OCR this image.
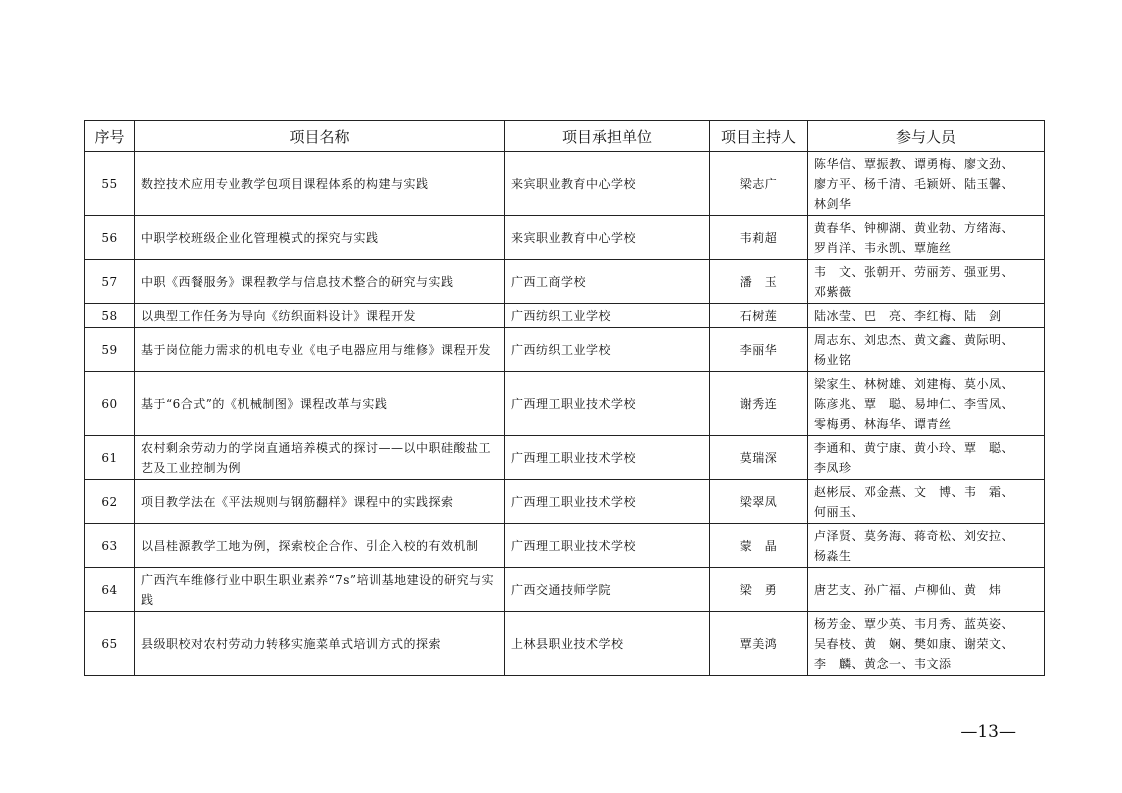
序号	项目名称	项目承担单位	项目主持人	参与人员
55	数控技术应用专业教学包项目课程体系的构建与实践	来宾职业教育中心学校	梁志广	陈华信、覃振教、谭勇梅、廖文劲、
廖方平、杨千清、毛颖妍、陆玉馨、
林剑华
56	中职学校班级企业化管理模式的探究与实践	来宾职业教育中心学校	韦莉超	黄春华、钟柳湖、黄业勃、方绪海、
罗肖洋、韦永凯、覃施丝
57	中职《西餐服务》课程教学与信息技术整合的研究与实践	广西工商学校	潘　玉	韦　文、张朝开、劳丽芳、强亚男、
邓紫薇
58	以典型工作任务为导向《纺织面料设计》课程开发	广西纺织工业学校	石树莲	陆冰莹、巴　亮、李红梅、陆　剑
59	基于岗位能力需求的机电专业《电子电器应用与维修》课程开发	广西纺织工业学校	李丽华	周志东、刘忠杰、黄文鑫、黄际明、
杨业铭
60	基于“6合式”的《机械制图》课程改革与实践	广西理工职业技术学校	谢秀连	梁家生、林树雄、刘建梅、莫小凤、
陈彦兆、覃　聪、易坤仁、李雪凤、
零梅勇、林海华、谭青丝
61	农村剩余劳动力的学岗直通培养模式的探讨——以中职硅酸盐工艺及工业控制为例	广西理工职业技术学校	莫瑞深	李通和、黄宁康、黄小玲、覃　聪、
李凤珍
62	项目教学法在《平法规则与钢筋翻样》课程中的实践探索	广西理工职业技术学校	梁翠凤	赵彬辰、邓金燕、文　博、韦　霜、
何丽玉、
63	以昌桂源教学工地为例，探索校企合作、引企入校的有效机制	广西理工职业技术学校	蒙　晶	卢泽贤、莫务海、蒋奇松、刘安拉、
杨淼生
64	广西汽车维修行业中职生职业素养“7s”培训基地建设的研究与实践	广西交通技师学院	梁　勇	唐艺支、孙广福、卢柳仙、黄　炜
65	县级职校对农村劳动力转移实施菜单式培训方式的探索	上林县职业技术学校	覃美鸿	杨芳金、覃少英、韦月秀、蓝英姿、
吴春枝、黄　娴、樊如康、谢荣文、
李　麟、黄念一、韦文添
—13—
